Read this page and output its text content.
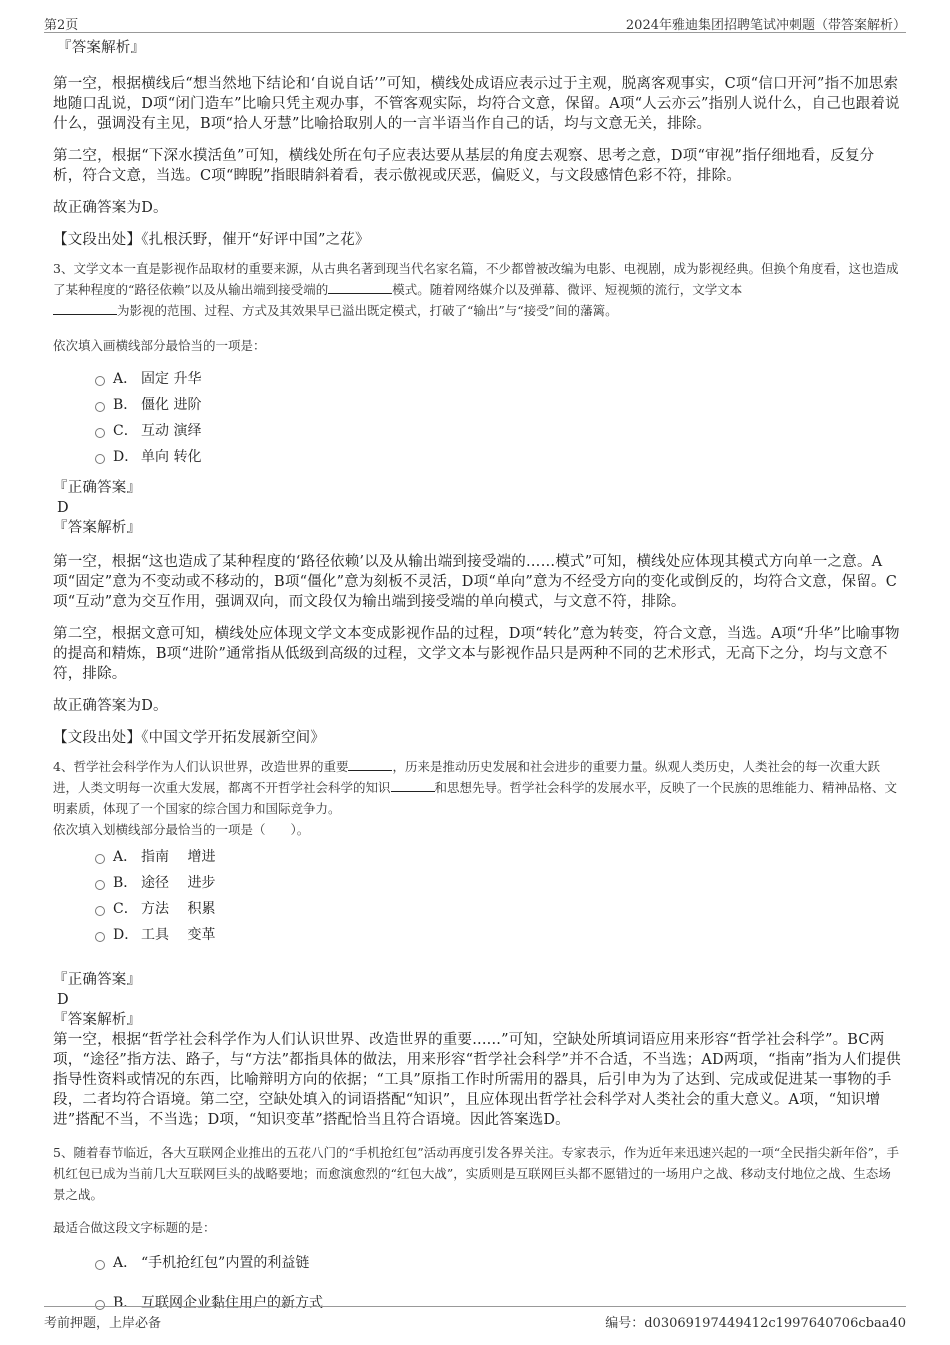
第2页	2024年雅迪集团招聘笔试冲刺题（带答案解析）
『答案解析』

第一空，根据横线后“想当然地下结论和‘自说自话’”可知，横线处成语应表示过于主观，脱离客观事实，C项“信口开河”指不加思索地随口乱说，D项“闭门造车”比喻只凭主观办事，不管客观实际，均符合文意，保留。A项“人云亦云”指别人说什么，自己也跟着说什么，强调没有主见，B项“拾人牙慧”比喻拾取别人的一言半语当作自己的话，均与文意无关，排除。

第二空，根据“下深水摸活鱼”可知，横线处所在句子应表达要从基层的角度去观察、思考之意，D项“审视”指仔细地看，反复分析，符合文意，当选。C项“睥睨”指眼睛斜着看，表示傲视或厌恶，偏贬义，与文段感情色彩不符，排除。

故正确答案为D。

【文段出处】《扎根沃野，催开“好评中国”之花》

3、文学文本一直是影视作品取材的重要来源，从古典名著到现当代名家名篇，不少都曾被改编为电影、电视剧，成为影视经典。但换个角度看，这也造成了某种程度的“路径依赖”以及从输出端到接受端的	模式。随着网络媒介以及弹幕、微评、短视频的流行，文学文本
为影视的范围、过程、方式及其效果早已溢出既定模式，打破了“输出”与“接受”间的藩篱。

依次填入画横线部分最恰当的一项是：

A． 固定 升华
B． 僵化 进阶
C． 互动 演绎
D． 单向 转化
『正确答案』
D
『答案解析』

第一空，根据“这也造成了某种程度的‘路径依赖’以及从输出端到接受端的……模式”可知，横线处应体现其模式方向单一之意。A项“固定”意为不变动或不移动的，B项“僵化”意为刻板不灵活，D项“单向”意为不经受方向的变化或倒反的，均符合文意，保留。C项“互动”意为交互作用，强调双向，而文段仅为输出端到接受端的单向模式，与文意不符，排除。

第二空，根据文意可知，横线处应体现文学文本变成影视作品的过程，D项“转化”意为转变，符合文意，当选。A项“升华”比喻事物的提高和精炼，B项“进阶”通常指从低级到高级的过程，文学文本与影视作品只是两种不同的艺术形式，无高下之分，均与文意不符，排除。

故正确答案为D。

【文段出处】《中国文学开拓发展新空间》

4、哲学社会科学作为人们认识世界，改造世界的重要	，历来是推动历史发展和社会进步的重要力量。纵观人类历史，人类社会的每一次重大跃进，人类文明每一次重大发展，都离不开哲学社会科学的知识	和思想先导。哲学社会科学的发展水平，反映了一个民族的思维能力、精神品格、文明素质，体现了一个国家的综合国力和国际竞争力。

依次填入划横线部分最恰当的一项是（　　）。

A． 指南　 增进
B． 途径　 进步
C． 方法　 积累
D． 工具　 变革
『正确答案』
D
『答案解析』

第一空，根据“哲学社会科学作为人们认识世界、改造世界的重要......”可知，空缺处所填词语应用来形容“哲学社会科学”。BC两项，“途径”指方法、路子，与“方法”都指具体的做法，用来形容“哲学社会科学”并不合适，不当选；AD两项，“指南”指为人们提供指导性资料或情况的东西，比喻辩明方向的依据；“工具”原指工作时所需用的器具，后引申为为了达到、完成或促进某一事物的手段，二者均符合语境。第二空，空缺处填入的词语搭配“知识”，且应体现出哲学社会科学对人类社会的重大意义。A项，“知识增进”搭配不当，不当选；D项，“知识变革”搭配恰当且符合语境。因此答案选D。

5、随着春节临近，各大互联网企业推出的五花八门的“手机抢红包”活动再度引发各界关注。专家表示，作为近年来迅速兴起的一项“全民指尖新年俗”，手机红包已成为当前几大互联网巨头的战略要地；而愈演愈烈的“红包大战”，实质则是互联网巨头都不愿错过的一场用户之战、移动支付地位之战、生态场景之战。

最适合做这段文字标题的是：

A． “手机抢红包”内置的利益链
B． 互联网企业黏住用户的新方式
考前押题，上岸必备	编号：d03069197449412c1997640706cbaa40
